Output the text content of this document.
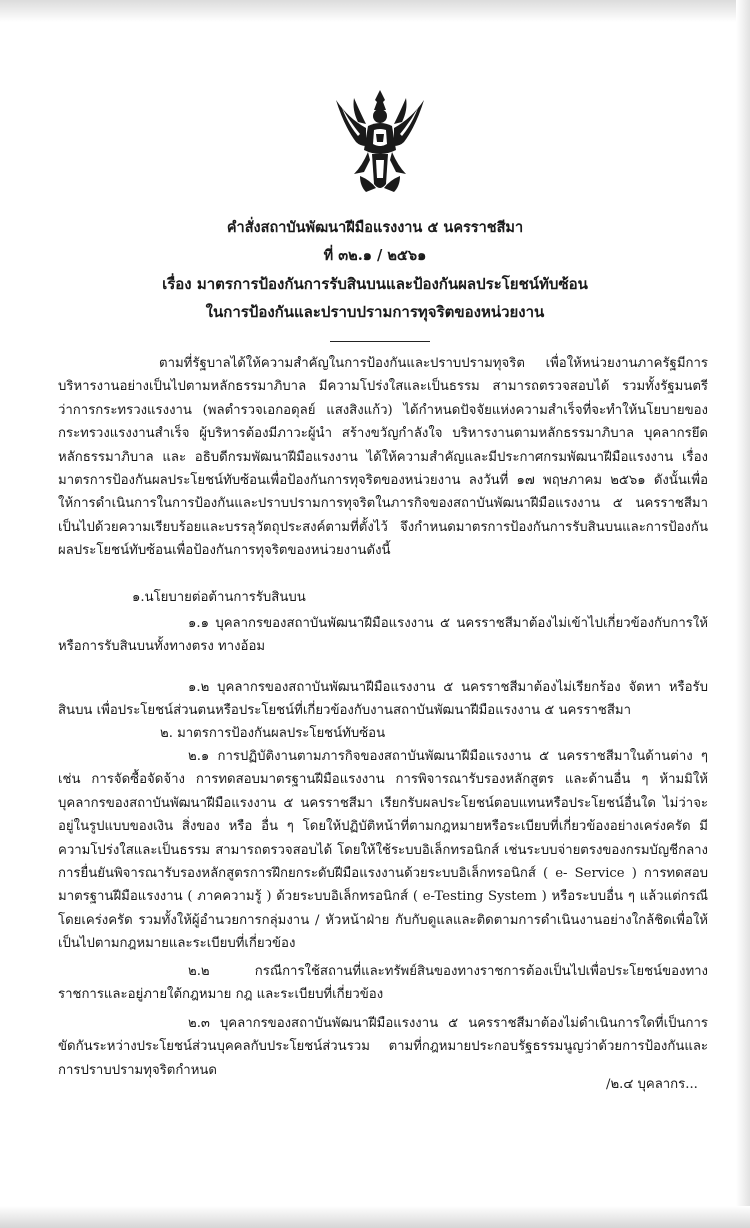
คำสั่งสถาบันพัฒนาฝีมือแรงงาน ๕ นครราชสีมา
ที่ ๓๒.๑ / ๒๕๖๑
เรื่อง มาตรการป้องกันการรับสินบนและป้องกันผลประโยชน์ทับซ้อน
ในการป้องกันและปราบปรามการทุจริตของหน่วยงาน

ตามที่รัฐบาลได้ให้ความสำคัญในการป้องกันและปราบปรามทุจริต เพื่อให้หน่วยงานภาครัฐมีการบริหารงานอย่างเป็นไปตามหลักธรรมาภิบาล มีความโปร่งใสและเป็นธรรม สามารถตรวจสอบได้ รวมทั้งรัฐมนตรีว่าการกระทรวงแรงงาน (พลตำรวจเอกอดุลย์ แสงสิงแก้ว) ได้กำหนดปัจจัยแห่งความสำเร็จที่จะทำให้นโยบายของกระทรวงแรงงานสำเร็จ ผู้บริหารต้องมีภาวะผู้นำ สร้างขวัญกำลังใจ บริหารงานตามหลักธรรมาภิบาล บุคลากรยึดหลักธรรมาภิบาล และ อธิบดีกรมพัฒนาฝีมือแรงงาน ได้ให้ความสำคัญและมีประกาศกรมพัฒนาฝีมือแรงงาน เรื่องมาตรการป้องกันผลประโยชน์ทับซ้อนเพื่อป้องกันการทุจริตของหน่วยงาน ลงวันที่ ๑๗ พฤษภาคม ๒๕๖๑ ดังนั้นเพื่อให้การดำเนินการในการป้องกันและปราบปรามการทุจริตในภารกิจของสถาบันพัฒนาฝีมือแรงงาน ๕ นครราชสีมาเป็นไปด้วยความเรียบร้อยและบรรลุวัตถุประสงค์ตามที่ตั้งไว้ จึงกำหนดมาตรการป้องกันการรับสินบนและการป้องกันผลประโยชน์ทับซ้อนเพื่อป้องกันการทุจริตของหน่วยงานดังนี้

๑.นโยบายต่อต้านการรับสินบน

๑.๑ บุคลากรของสถาบันพัฒนาฝีมือแรงงาน ๕ นครราชสีมาต้องไม่เข้าไปเกี่ยวข้องกับการให้หรือการรับสินบนทั้งทางตรง ทางอ้อม

๑.๒ บุคลากรของสถาบันพัฒนาฝีมือแรงงาน ๕ นครราชสีมาต้องไม่เรียกร้อง จัดหา หรือรับสินบน เพื่อประโยชน์ส่วนตนหรือประโยชน์ที่เกี่ยวข้องกับงานสถาบันพัฒนาฝีมือแรงงาน ๕ นครราชสีมา

๒. มาตรการป้องกันผลประโยชน์ทับซ้อน

๒.๑ การปฏิบัติงานตามภารกิจของสถาบันพัฒนาฝีมือแรงงาน ๕ นครราชสีมาในด้านต่าง ๆ เช่น การจัดซื้อจัดจ้าง การทดสอบมาตรฐานฝีมือแรงงาน การพิจารณารับรองหลักสูตร และด้านอื่น ๆ ห้ามมิให้บุคลากรของสถาบันพัฒนาฝีมือแรงงาน ๕ นครราชสีมา เรียกรับผลประโยชน์ตอบแทนหรือประโยชน์อื่นใด ไม่ว่าจะอยู่ในรูปแบบของเงิน สิ่งของ หรือ อื่น ๆ โดยให้ปฏิบัติหน้าที่ตามกฎหมายหรือระเบียบที่เกี่ยวข้องอย่างเคร่งครัด มีความโปร่งใสและเป็นธรรม สามารถตรวจสอบได้ โดยให้ใช้ระบบอิเล็กทรอนิกส์ เช่นระบบจ่ายตรงของกรมบัญชีกลาง การยื่นยันพิจารณารับรองหลักสูตรการฝึกยกระดับฝีมือแรงงานด้วยระบบอิเล็กทรอนิกส์ ( e- Service ) การทดสอบมาตรฐานฝีมือแรงงาน ( ภาคความรู้ ) ด้วยระบบอิเล็กทรอนิกส์ ( e-Testing System ) หรือระบบอื่น ๆ แล้วแต่กรณี โดยเคร่งครัด รวมทั้งให้ผู้อำนวยการกลุ่มงาน / หัวหน้าฝ่าย กับกับดูแลและติดตามการดำเนินงานอย่างใกล้ชิดเพื่อให้เป็นไปตามกฎหมายและระเบียบที่เกี่ยวข้อง

๒.๒ กรณีการใช้สถานที่และทรัพย์สินของทางราชการต้องเป็นไปเพื่อประโยชน์ของทางราชการและอยู่ภายใต้กฎหมาย กฎ และระเบียบที่เกี่ยวข้อง

๒.๓ บุคลากรของสถาบันพัฒนาฝีมือแรงงาน ๕ นครราชสีมาต้องไม่ดำเนินการใดที่เป็นการขัดกันระหว่างประโยชน์ส่วนบุคคลกับประโยชน์ส่วนรวม ตามที่กฎหมายประกอบรัฐธรรมนูญว่าด้วยการป้องกันและการปราบปรามทุจริตกำหนด

/๒.๔ บุคลากร...
